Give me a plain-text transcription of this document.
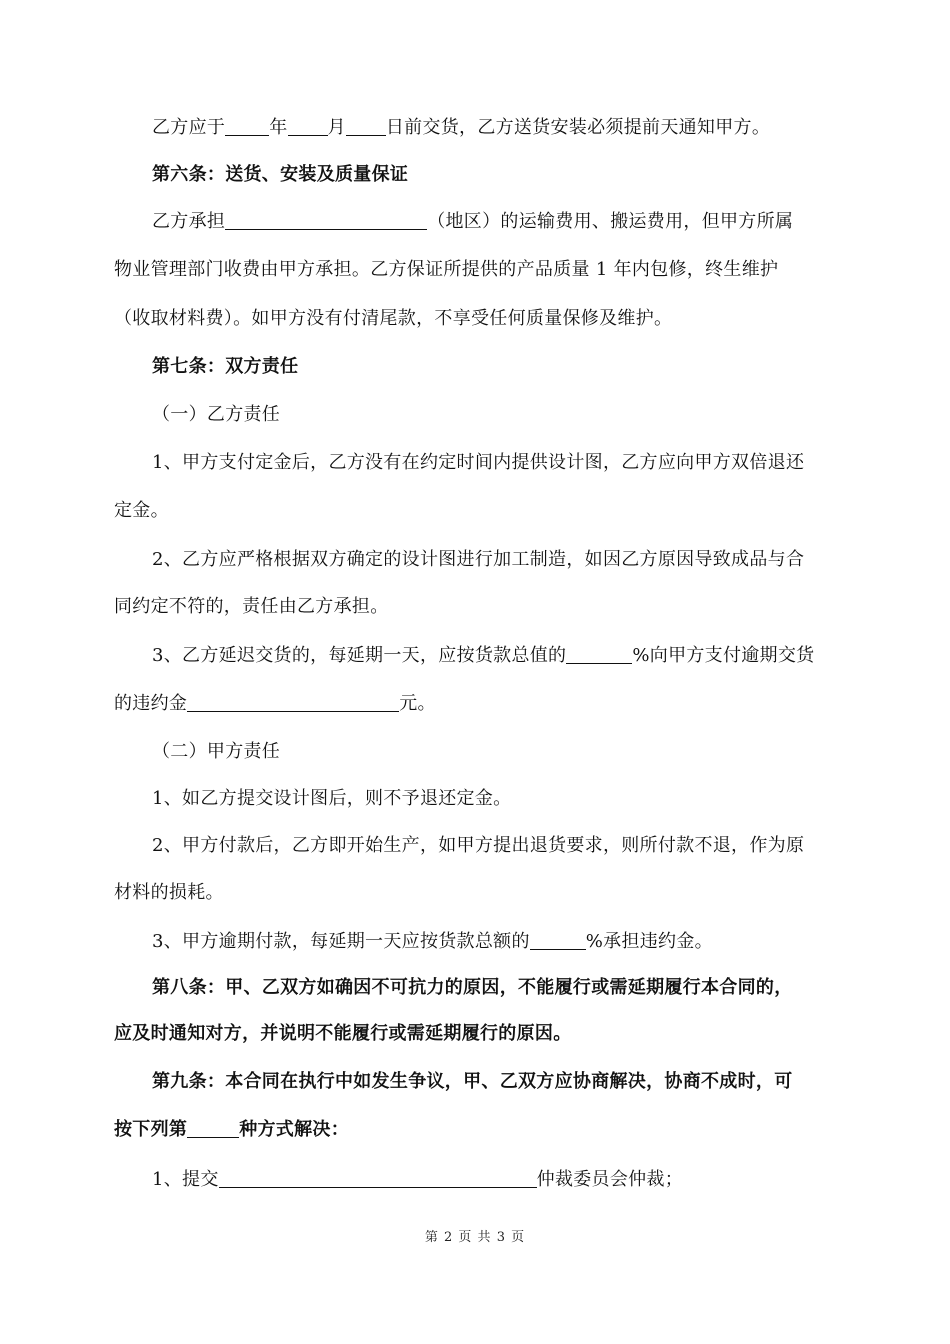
乙方应于 年 月 日前交货，乙方送货安装必须提前天通知甲方。

第六条：送货、安装及质量保证

乙方承担	（地区）的运输费用、搬运费用，但甲方所属

物业管理部门收费由甲方承担。乙方保证所提供的产品质量 1 年内包修，终生维护

（收取材料费）。如甲方没有付清尾款，不享受任何质量保修及维护。

第七条：双方责任

（一）乙方责任

1、甲方支付定金后，乙方没有在约定时间内提供设计图，乙方应向甲方双倍退还

定金。

2、乙方应严格根据双方确定的设计图进行加工制造，如因乙方原因导致成品与合

同约定不符的，责任由乙方承担。

3、乙方延迟交货的，每延期一天，应按货款总值的	%向甲方支付逾期交货

的违约金	元。

（二）甲方责任

1、如乙方提交设计图后，则不予退还定金。

2、甲方付款后，乙方即开始生产，如甲方提出退货要求，则所付款不退，作为原

材料的损耗。

3、甲方逾期付款，每延期一天应按货款总额的	%承担违约金。

第八条：甲、乙双方如确因不可抗力的原因，不能履行或需延期履行本合同的，

应及时通知对方，并说明不能履行或需延期履行的原因。

第九条：本合同在执行中如发生争议，甲、乙双方应协商解决，协商不成时，可

按下列第	种方式解决：

1、提交	仲裁委员会仲裁；

第 2 页 共 3 页
